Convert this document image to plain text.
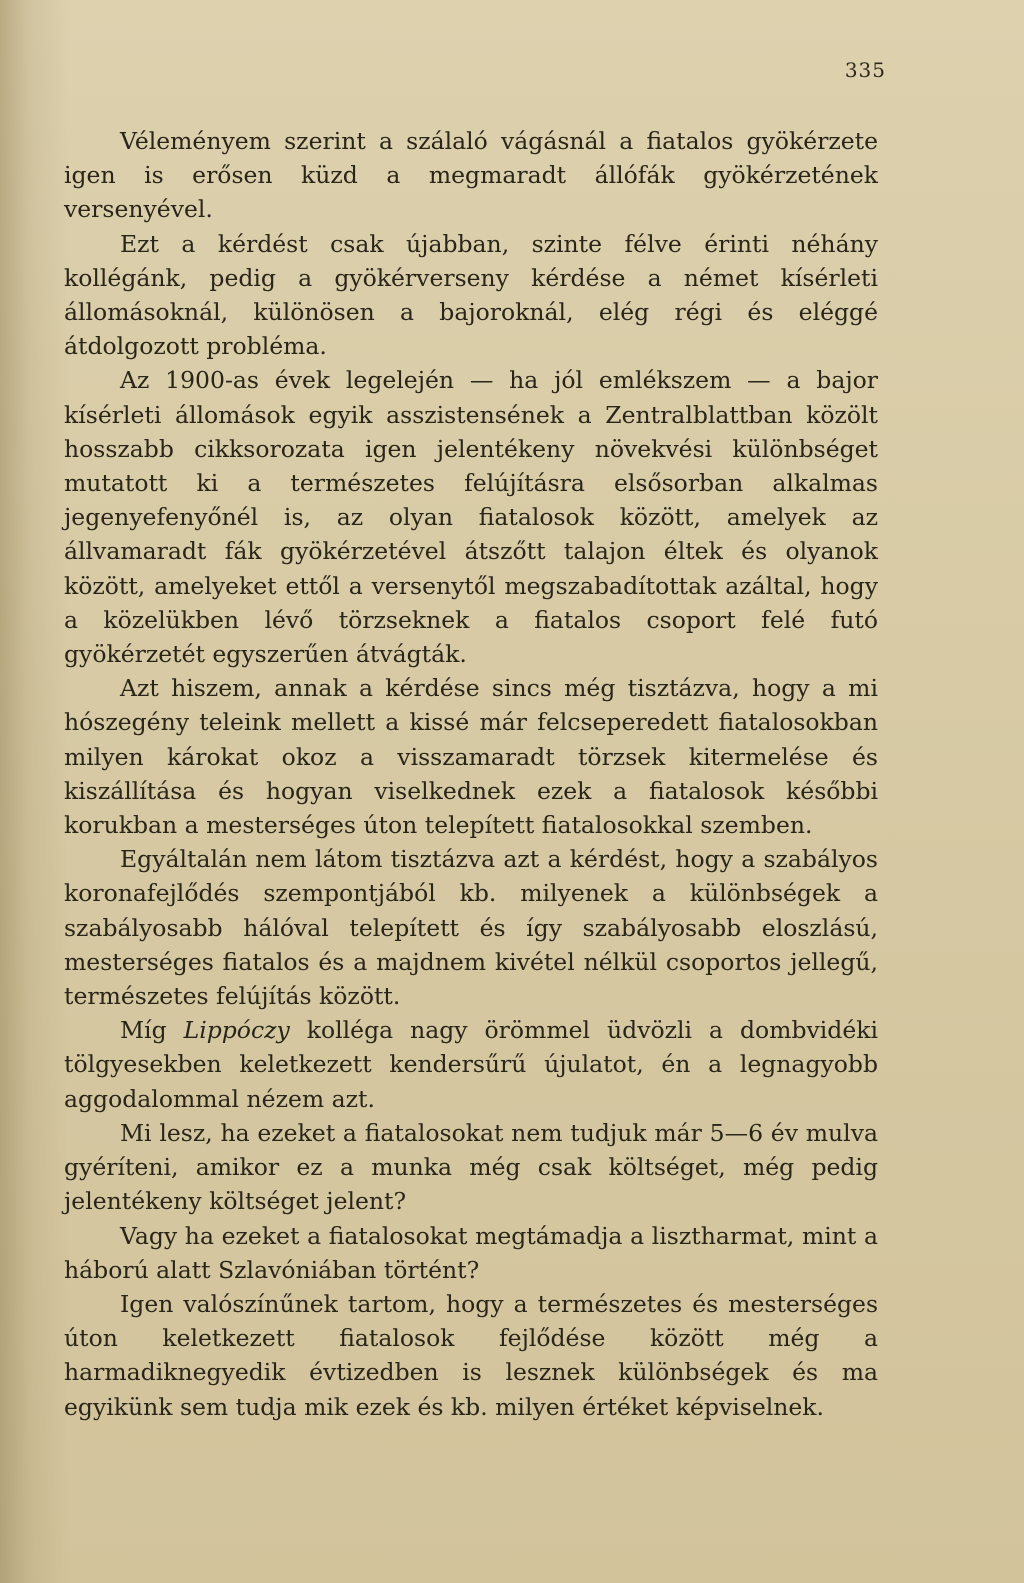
335

Véleményem szerint a szálaló vágásnál a fiatalos gyökérzete igen is erősen küzd a megmaradt állófák gyökérzetének versenyével.

Ezt a kérdést csak újabban, szinte félve érinti néhány kollégánk, pedig a gyökérverseny kérdése a német kísérleti állomásoknál, különösen a bajoroknál, elég régi és eléggé átdolgozott probléma.

Az 1900-as évek legelején — ha jól emlékszem — a bajor kísérleti állomások egyik asszistensének a Zentralblattban közölt hosszabb cikksorozata igen jelentékeny növekvési különbséget mutatott ki a természetes felújításra elsősorban alkalmas jegenyefenyőnél is, az olyan fiatalosok között, amelyek az állvamaradt fák gyökérzetével átszőtt talajon éltek és olyanok között, amelyeket ettől a versenytől megszabadítottak azáltal, hogy a közelükben lévő törzseknek a fiatalos csoport felé futó gyökérzetét egyszerűen átvágták.

Azt hiszem, annak a kérdése sincs még tisztázva, hogy a mi hószegény teleink mellett a kissé már felcseperedett fiatalosokban milyen károkat okoz a visszamaradt törzsek kitermelése és kiszállítása és hogyan viselkednek ezek a fiatalosok későbbi korukban a mesterséges úton telepített fiatalosokkal szemben.

Egyáltalán nem látom tisztázva azt a kérdést, hogy a szabályos koronafejlődés szempontjából kb. milyenek a különbségek a szabályosabb hálóval telepített és így szabályosabb eloszlású, mesterséges fiatalos és a majdnem kivétel nélkül csoportos jellegű, természetes felújítás között.

Míg Lippóczy kolléga nagy örömmel üdvözli a dombvidéki tölgyesekben keletkezett kendersűrű újulatot, én a legnagyobb aggodalommal nézem azt.

Mi lesz, ha ezeket a fiatalosokat nem tudjuk már 5—6 év mulva gyéríteni, amikor ez a munka még csak költséget, még pedig jelentékeny költséget jelent?

Vagy ha ezeket a fiatalosokat megtámadja a lisztharmat, mint a háború alatt Szlavóniában történt?

Igen valószínűnek tartom, hogy a természetes és mesterséges úton keletkezett fiatalosok fejlődése között még a harmadiknegyedik évtizedben is lesznek különbségek és ma egyikünk sem tudja mik ezek és kb. milyen értéket képviselnek.
